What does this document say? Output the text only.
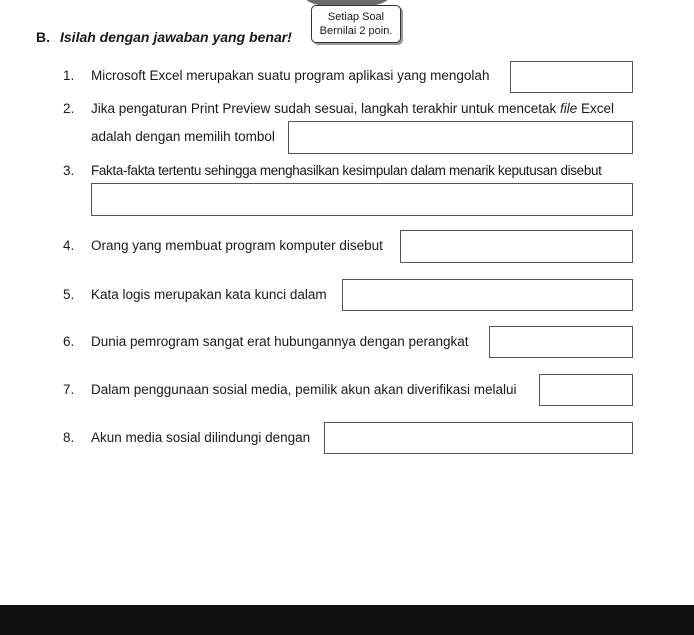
B. Isilah dengan jawaban yang benar!
Setiap Soal
Bernilai 2 poin.
1. Microsoft Excel merupakan suatu program aplikasi yang mengolah
2. Jika pengaturan Print Preview sudah sesuai, langkah terakhir untuk mencetak file Excel
adalah dengan memilih tombol
3. Fakta-fakta tertentu sehingga menghasilkan kesimpulan dalam menarik keputusan disebut
4. Orang yang membuat program komputer disebut
5. Kata logis merupakan kata kunci dalam
6. Dunia pemrogram sangat erat hubungannya dengan perangkat
7. Dalam penggunaan sosial media, pemilik akun akan diverifikasi melalui
8. Akun media sosial dilindungi dengan
